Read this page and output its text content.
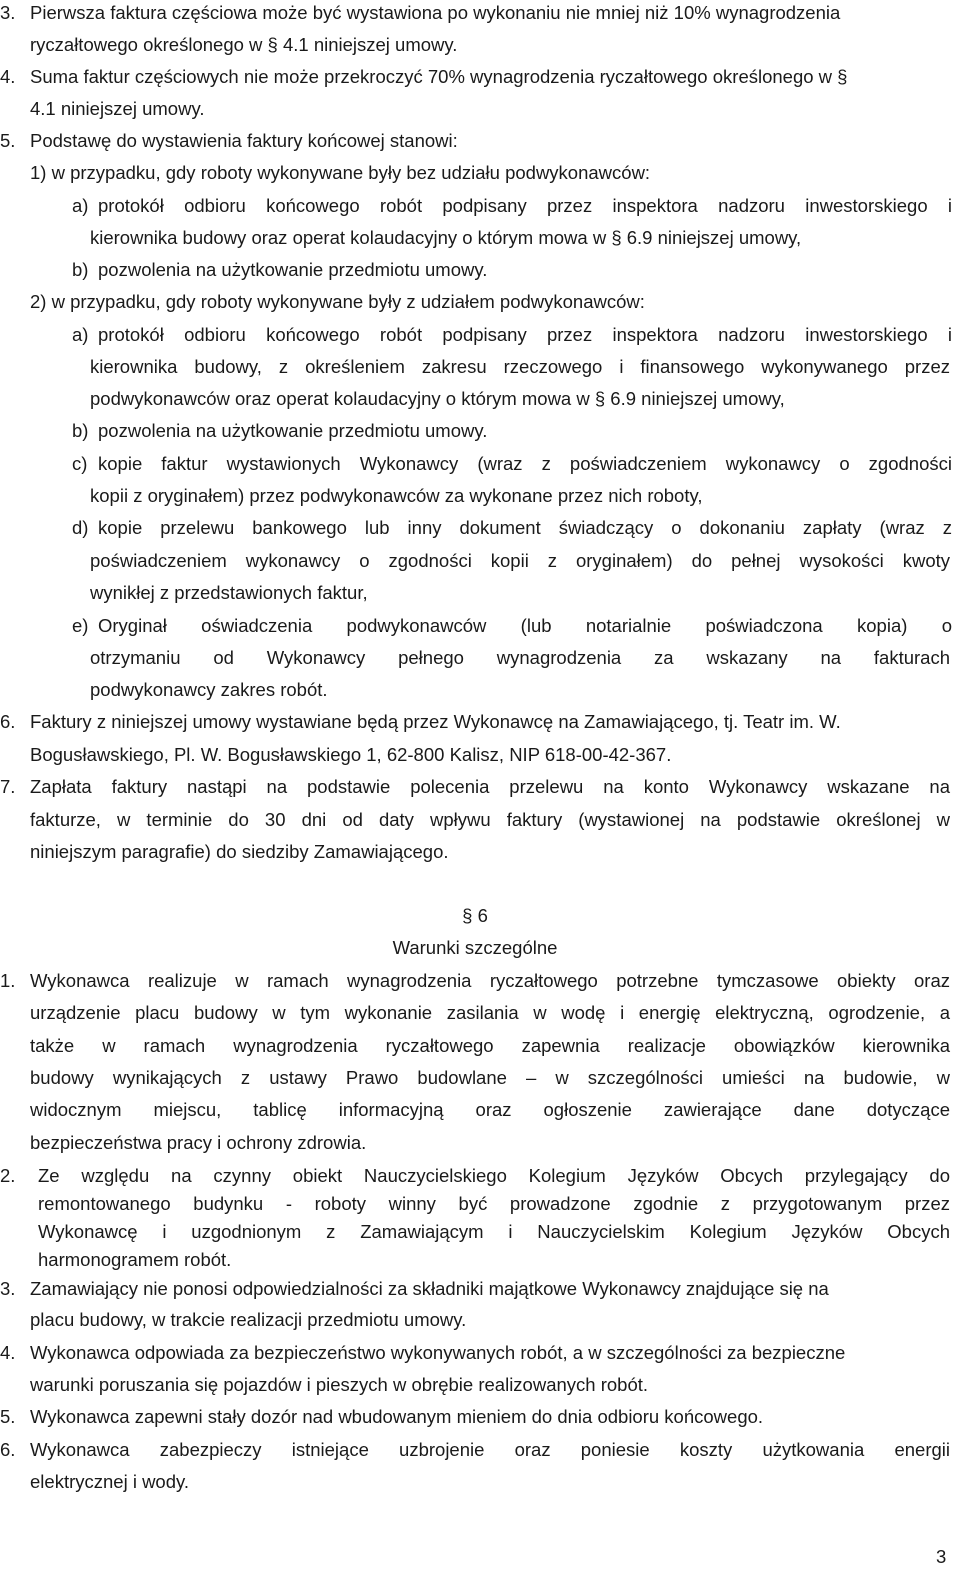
3. Pierwsza faktura częściowa może być wystawiona po wykonaniu nie mniej niż 10% wynagrodzenia
ryczałtowego określonego w § 4.1 niniejszej umowy.
4. Suma faktur częściowych nie może przekroczyć 70% wynagrodzenia ryczałtowego określonego w §
4.1 niniejszej umowy.
5. Podstawę do wystawienia faktury końcowej stanowi:
1) w przypadku, gdy roboty wykonywane były bez udziału podwykonawców:
a) protokół odbioru końcowego robót podpisany przez inspektora nadzoru inwestorskiego i
kierownika budowy oraz operat kolaudacyjny o którym mowa w § 6.9 niniejszej umowy,
b) pozwolenia na użytkowanie przedmiotu umowy.
2) w przypadku, gdy roboty wykonywane były z udziałem podwykonawców:
a) protokół odbioru końcowego robót podpisany przez inspektora nadzoru inwestorskiego i
kierownika budowy, z określeniem zakresu rzeczowego i finansowego wykonywanego przez
podwykonawców oraz operat kolaudacyjny o którym mowa w § 6.9 niniejszej umowy,
b) pozwolenia na użytkowanie przedmiotu umowy.
c) kopie faktur wystawionych Wykonawcy (wraz z poświadczeniem wykonawcy o zgodności
kopii z oryginałem) przez podwykonawców za wykonane przez nich roboty,
d) kopie przelewu bankowego lub inny dokument świadczący o dokonaniu zapłaty (wraz z
poświadczeniem wykonawcy o zgodności kopii z oryginałem) do pełnej wysokości kwoty
wynikłej z przedstawionych faktur,
e) Oryginał oświadczenia podwykonawców (lub notarialnie poświadczona kopia) o
otrzymaniu od Wykonawcy pełnego wynagrodzenia za wskazany na fakturach
podwykonawcy zakres robót.
6. Faktury z niniejszej umowy wystawiane będą przez Wykonawcę na Zamawiającego, tj. Teatr im. W.
Bogusławskiego, Pl. W. Bogusławskiego 1, 62-800 Kalisz, NIP 618-00-42-367.
7. Zapłata faktury nastąpi na podstawie polecenia przelewu na konto Wykonawcy wskazane na
fakturze, w terminie do 30 dni od daty wpływu faktury (wystawionej na podstawie określonej w
niniejszym paragrafie) do siedziby Zamawiającego.
§ 6
Warunki szczególne
1. Wykonawca realizuje w ramach wynagrodzenia ryczałtowego potrzebne tymczasowe obiekty oraz
urządzenie placu budowy w tym wykonanie zasilania w wodę i energię elektryczną, ogrodzenie, a
także w ramach wynagrodzenia ryczałtowego zapewnia realizacje obowiązków kierownika
budowy wynikających z ustawy Prawo budowlane – w szczególności umieści na budowie, w
widocznym miejscu, tablicę informacyjną oraz ogłoszenie zawierające dane dotyczące
bezpieczeństwa pracy i ochrony zdrowia.
2.	Ze względu na czynny obiekt Nauczycielskiego Kolegium Języków Obcych przylegający do
remontowanego budynku - roboty winny być prowadzone zgodnie z przygotowanym przez
Wykonawcę i uzgodnionym z Zamawiającym i Nauczycielskim Kolegium Języków Obcych
harmonogramem robót.
3. Zamawiający nie ponosi odpowiedzialności za składniki majątkowe Wykonawcy znajdujące się na
placu budowy, w trakcie realizacji przedmiotu umowy.
4. Wykonawca odpowiada za bezpieczeństwo wykonywanych robót, a w szczególności za bezpieczne
warunki poruszania się pojazdów i pieszych w obrębie realizowanych robót.
5. Wykonawca zapewni stały dozór nad wbudowanym mieniem do dnia odbioru końcowego.
6. Wykonawca zabezpieczy istniejące uzbrojenie oraz poniesie koszty użytkowania energii
elektrycznej i wody.
3
